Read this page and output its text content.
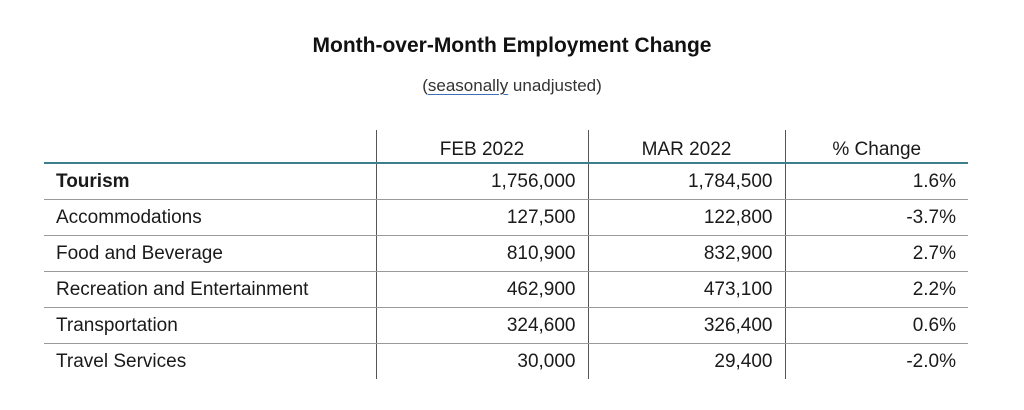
Month-over-Month Employment Change
(seasonally unadjusted)
	FEB 2022	MAR 2022	% Change
Tourism	1,756,000	1,784,500	1.6%
Accommodations	127,500	122,800	-3.7%
Food and Beverage	810,900	832,900	2.7%
Recreation and Entertainment	462,900	473,100	2.2%
Transportation	324,600	326,400	0.6%
Travel Services	30,000	29,400	-2.0%
